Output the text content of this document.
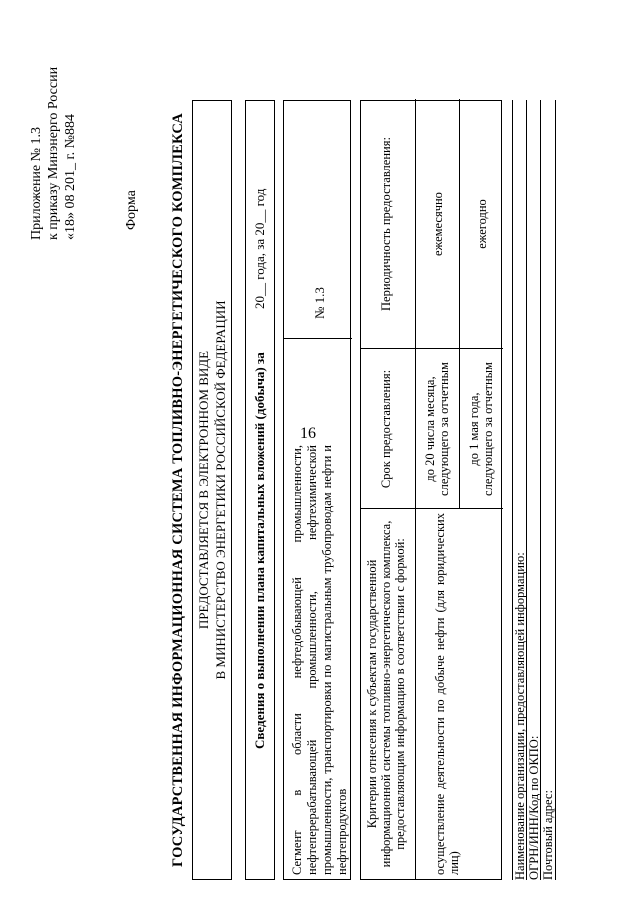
16
Приложение № 1.3 к приказу Минэнерго России «18» 08 201_ г. №884	Форма ГОСУДАРСТВЕННАЯ ИНФОРМАЦИОННАЯ СИСТЕМА ТОПЛИВНО-ЭНЕРГЕТИЧЕСКОГО КОМПЛЕКСА ПРЕДОСТАВЛЯЕТСЯ В ЭЛЕКТРОННОМ ВИДЕ В МИНИСТЕРСТВО ЭНЕРГЕТИКИ РОССИЙСКОЙ ФЕДЕРАЦИИ	Сведения о выполнении плана капитальных вложений (добыча) за 20__ года, за 20__ год
Сегмент в области нефтедобывающей промышленности, нефтеперерабатывающей промышленности, нефтехимической промышленности, транспортировки по магистральным трубопроводам нефти и нефтепродуктов
№ 1.3
Критерии отнесения к субъектам государственной информационной системы топливно-энергетического комплекса, предоставляющим информацию в соответствии с формой:
Срок предоставления:
Периодичность предоставления:
осуществление деятельности по добыче нефти (для юридических лиц)
до 20 числа месяца, следующего за отчетным
ежемесячно
до 1 мая года, следующего за отчетным
ежегодно
Наименование организации, предоставляющей информацию: ОГРН/ИНН/Код по ОКПО: Почтовый адрес:
